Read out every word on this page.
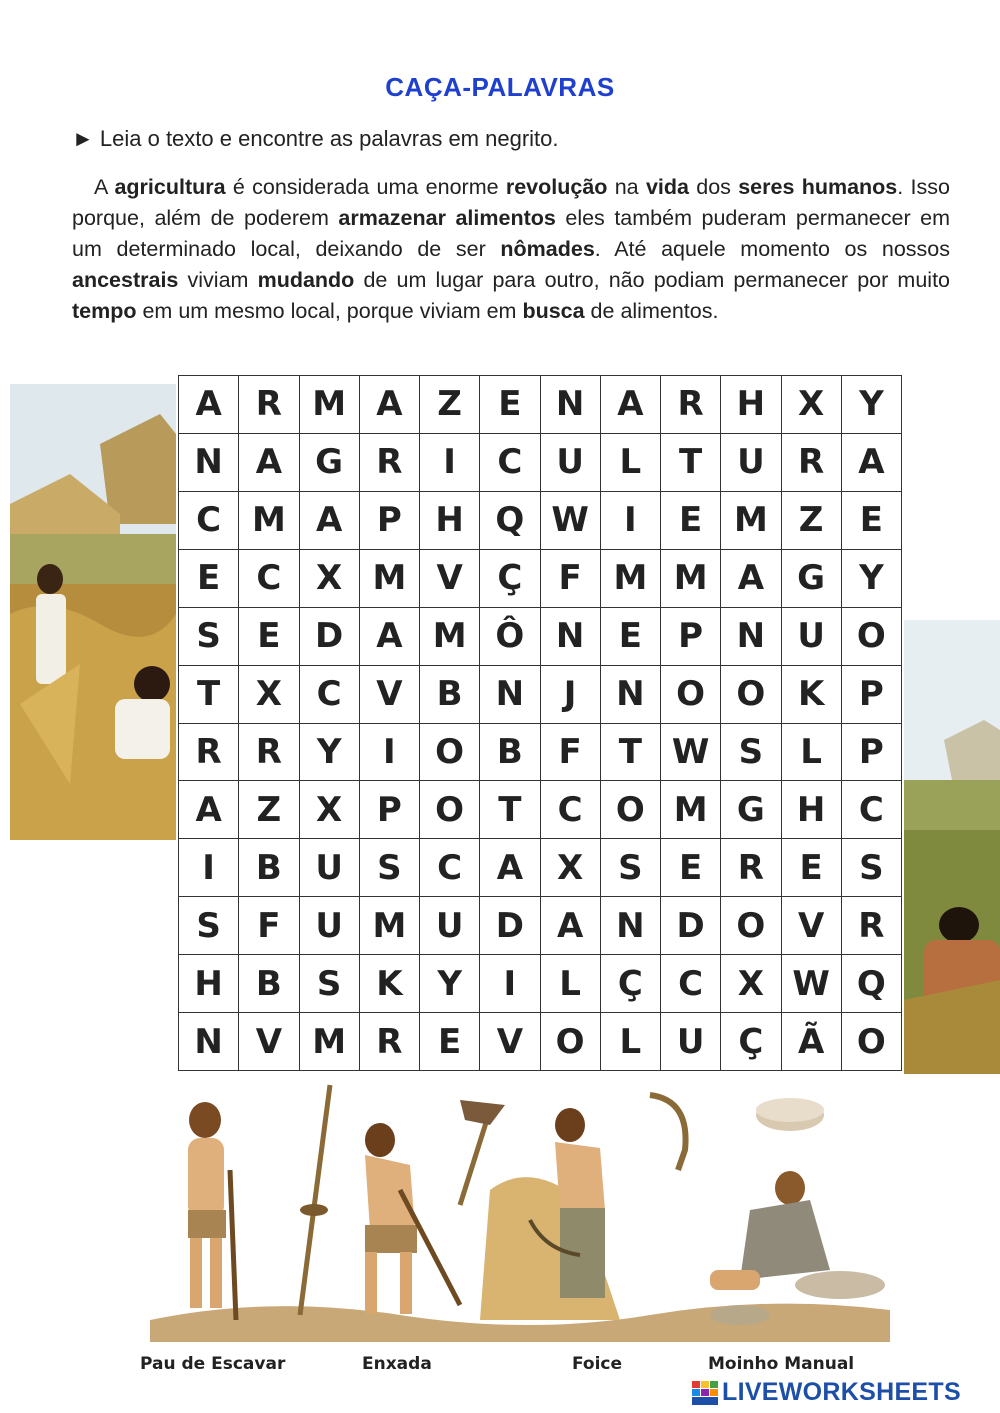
CAÇA-PALAVRAS
► Leia o texto e encontre as palavras em negrito.
A agricultura é considerada uma enorme revolução na vida dos seres humanos. Isso porque, além de poderem armazenar alimentos eles também puderam permanecer em um determinado local, deixando de ser nômades. Até aquele momento os nossos ancestrais viviam mudando de um lugar para outro, não podiam permanecer por muito tempo em um mesmo local, porque viviam em busca de alimentos.
A	R M A	Z	E	N A	R H X	Y
N A G R	I	C U	L	T	U R A
C M A	P H Q W	I	E M Z	E
E	C	X M V	Ç	F M M A G Y
S	E	D A M Ô N	E	P N U O
T	X	C	V	B N	J	N O O K	P
R	R	Y	I	O B	F	T W S	L	P
A	Z	X	P O	T	C O M G H C
I	B U	S	C	A X	S	E	R	E	S
S	F	U M U D A N D O V	R
H B	S	K	Y	I	L	Ç	C	X W Q
N V M R	E	V O	L	U Ç	Ã O
Pau de Escavar	Enxada	Foice	Moinho Manual
LIVEWORKSHEETS
